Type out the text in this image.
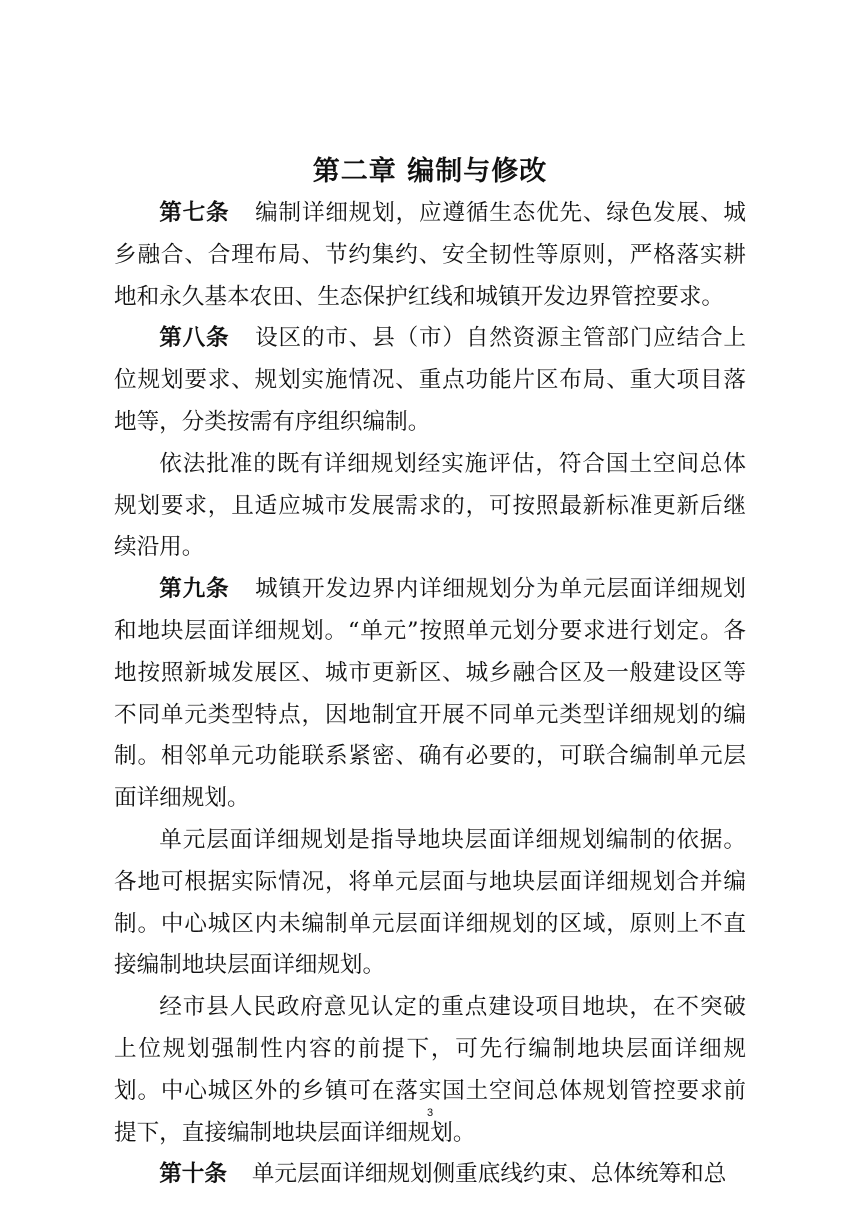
第二章 编制与修改

第七条 编制详细规划，应遵循生态优先、绿色发展、城乡融合、合理布局、节约集约、安全韧性等原则，严格落实耕地和永久基本农田、生态保护红线和城镇开发边界管控要求。

第八条 设区的市、县（市）自然资源主管部门应结合上位规划要求、规划实施情况、重点功能片区布局、重大项目落地等，分类按需有序组织编制。

依法批准的既有详细规划经实施评估，符合国土空间总体规划要求，且适应城市发展需求的，可按照最新标准更新后继续沿用。

第九条 城镇开发边界内详细规划分为单元层面详细规划和地块层面详细规划。“单元”按照单元划分要求进行划定。各地按照新城发展区、城市更新区、城乡融合区及一般建设区等不同单元类型特点，因地制宜开展不同单元类型详细规划的编制。相邻单元功能联系紧密、确有必要的，可联合编制单元层面详细规划。

单元层面详细规划是指导地块层面详细规划编制的依据。各地可根据实际情况，将单元层面与地块层面详细规划合并编制。中心城区内未编制单元层面详细规划的区域，原则上不直接编制地块层面详细规划。

经市县人民政府意见认定的重点建设项目地块，在不突破上位规划强制性内容的前提下，可先行编制地块层面详细规划。中心城区外的乡镇可在落实国土空间总体规划管控要求前提下，直接编制地块层面详细规划。

第十条 单元层面详细规划侧重底线约束、总体统筹和总

3
